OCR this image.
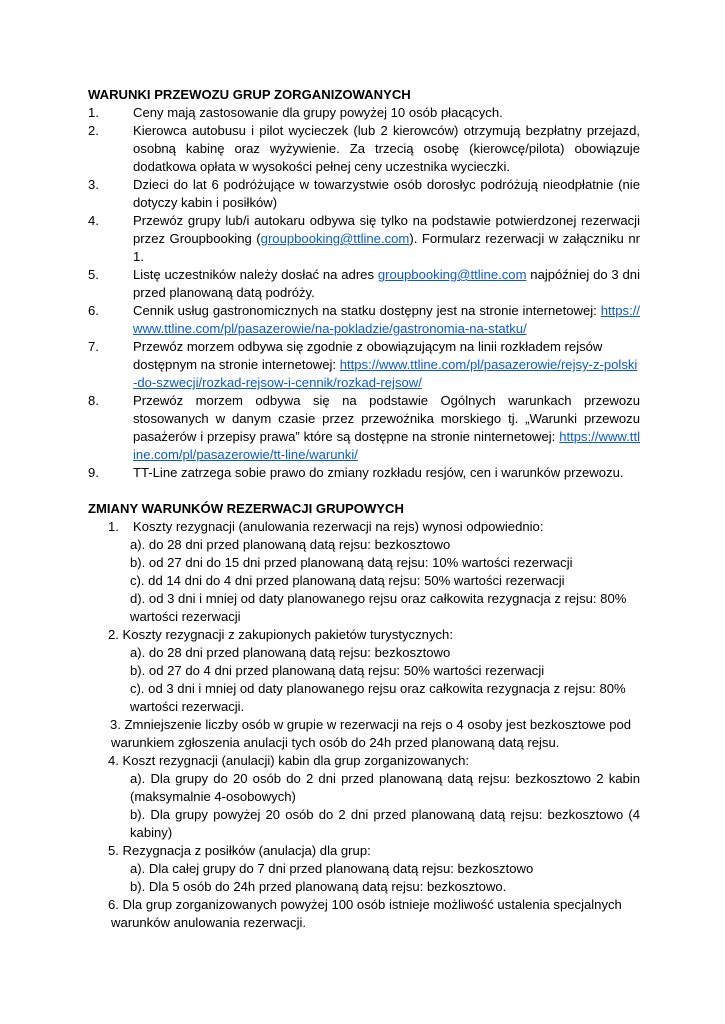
WARUNKI PRZEWOZU GRUP ZORGANIZOWANYCH
1.	Ceny mają zastosowanie dla grupy powyżej 10 osób płacących.
2.	Kierowca autobusu i pilot wycieczek (lub 2 kierowców) otrzymują bezpłatny przejazd, osobną kabinę oraz wyżywienie. Za trzecią osobę (kierowcę/pilota) obowiązuje dodatkowa opłata w wysokości pełnej ceny uczestnika wycieczki.
3.	Dzieci do lat 6 podróżujące w towarzystwie osób dorosłyc podróżują nieodpłatnie (nie dotyczy kabin i posiłków)
4.	Przewóz grupy lub/i autokaru odbywa się tylko na podstawie potwierdzonej rezerwacji przez Groupbooking (groupbooking@ttline.com). Formularz rezerwacji w załączniku nr 1.
5.	Listę uczestników należy dosłać na adres groupbooking@ttline.com najpóźniej do 3 dni przed planowaną datą podróży.
6.	Cennik usług gastronomicznych na statku dostępny jest na stronie internetowej: https://www.ttline.com/pl/pasazerowie/na-pokladzie/gastronomia-na-statku/
7.	Przewóz morzem odbywa się zgodnie z obowiązującym na linii rozkładem rejsów dostępnym na stronie internetowej: https://www.ttline.com/pl/pasazerowie/rejsy-z-polski-do-szwecji/rozkad-rejsow-i-cennik/rozkad-rejsow/
8.	Przewóz morzem odbywa się na podstawie Ogólnych warunkach przewozu stosowanych w danym czasie przez przewoźnika morskiego tj. „Warunki przewozu pasażerów i przepisy prawa” które są dostępne na stronie ninternetowej: https://www.ttline.com/pl/pasazerowie/tt-line/warunki/
9.	TT-Line zatrzega sobie prawo do zmiany rozkładu resjów, cen i warunków przewozu.
ZMIANY WARUNKÓW REZERWACJI GRUPOWYCH
1.	Koszty rezygnacji (anulowania rezerwacji na rejs) wynosi odpowiednio:
a). do 28 dni przed planowaną datą rejsu: bezkosztowo
b). od 27 dni do 15 dni przed planowaną datą rejsu: 10% wartości rezerwacji
c). dd 14 dni do 4 dni przed planowaną datą rejsu: 50% wartości rezerwacji
d). od 3 dni i mniej od daty planowanego rejsu oraz całkowita rezygnacja z rejsu: 80% wartości rezerwacji
2. Koszty rezygnacji z zakupionych pakietów turystycznych:
a). do 28 dni przed planowaną datą rejsu: bezkosztowo
b). od 27 do 4 dni przed planowaną datą rejsu: 50% wartości rezerwacji
c). od 3 dni i mniej od daty planowanego rejsu oraz całkowita rezygnacja z rejsu: 80% wartości rezerwacji.
3. Zmniejszenie liczby osób w grupie w rezerwacji na rejs o 4 osoby jest bezkosztowe pod
warunkiem zgłoszenia anulacji tych osób do 24h przed planowaną datą rejsu.
4. Koszt rezygnacji (anulacji) kabin dla grup zorganizowanych:
a). Dla grupy do 20 osób do 2 dni przed planowaną datą rejsu: bezkosztowo 2 kabin (maksymalnie 4-osobowych)
b). Dla grupy powyżej 20 osób do 2 dni przed planowaną datą rejsu: bezkosztowo (4 kabiny)
5. Rezygnacja z posiłków (anulacja) dla grup:
a). Dla całej grupy do 7 dni przed planowaną datą rejsu: bezkosztowo
b). Dla 5 osób do 24h przed planowaną datą rejsu: bezkosztowo.
6. Dla grup zorganizowanych powyżej 100 osób istnieje możliwość ustalenia specjalnych
warunków anulowania rezerwacji.
